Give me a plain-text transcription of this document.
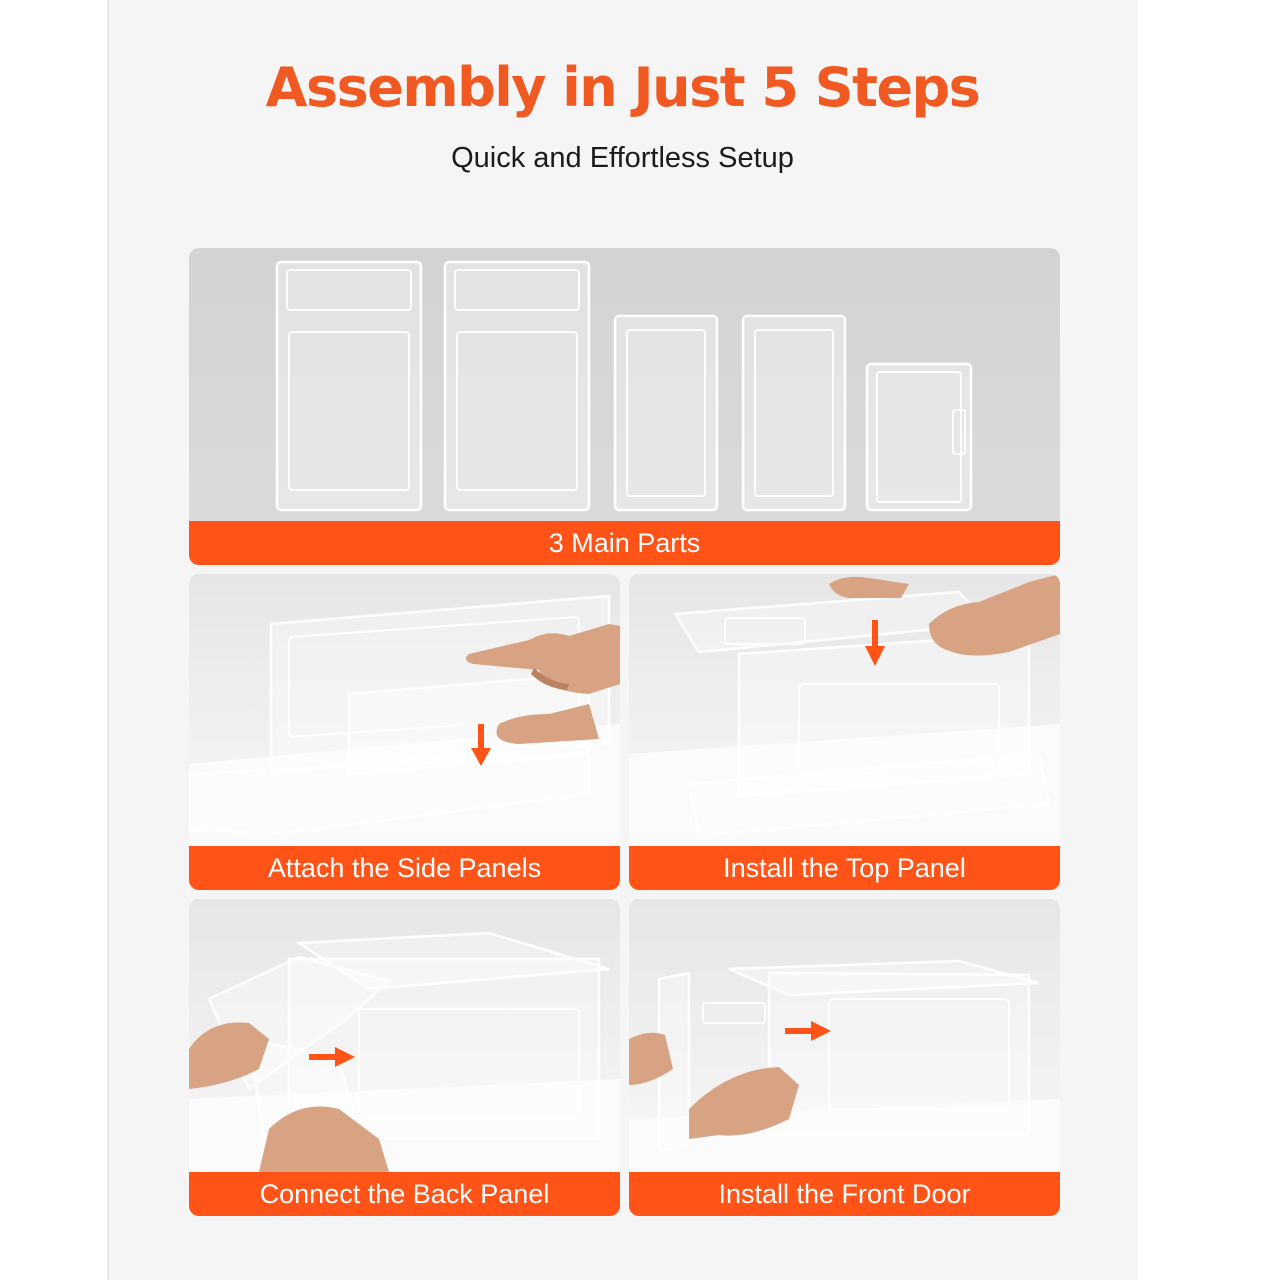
Assembly in Just 5 Steps
Quick and Effortless Setup
3 Main Parts
Attach the Side Panels	Install the Top Panel
Connect the Back Panel	Install the Front Door
